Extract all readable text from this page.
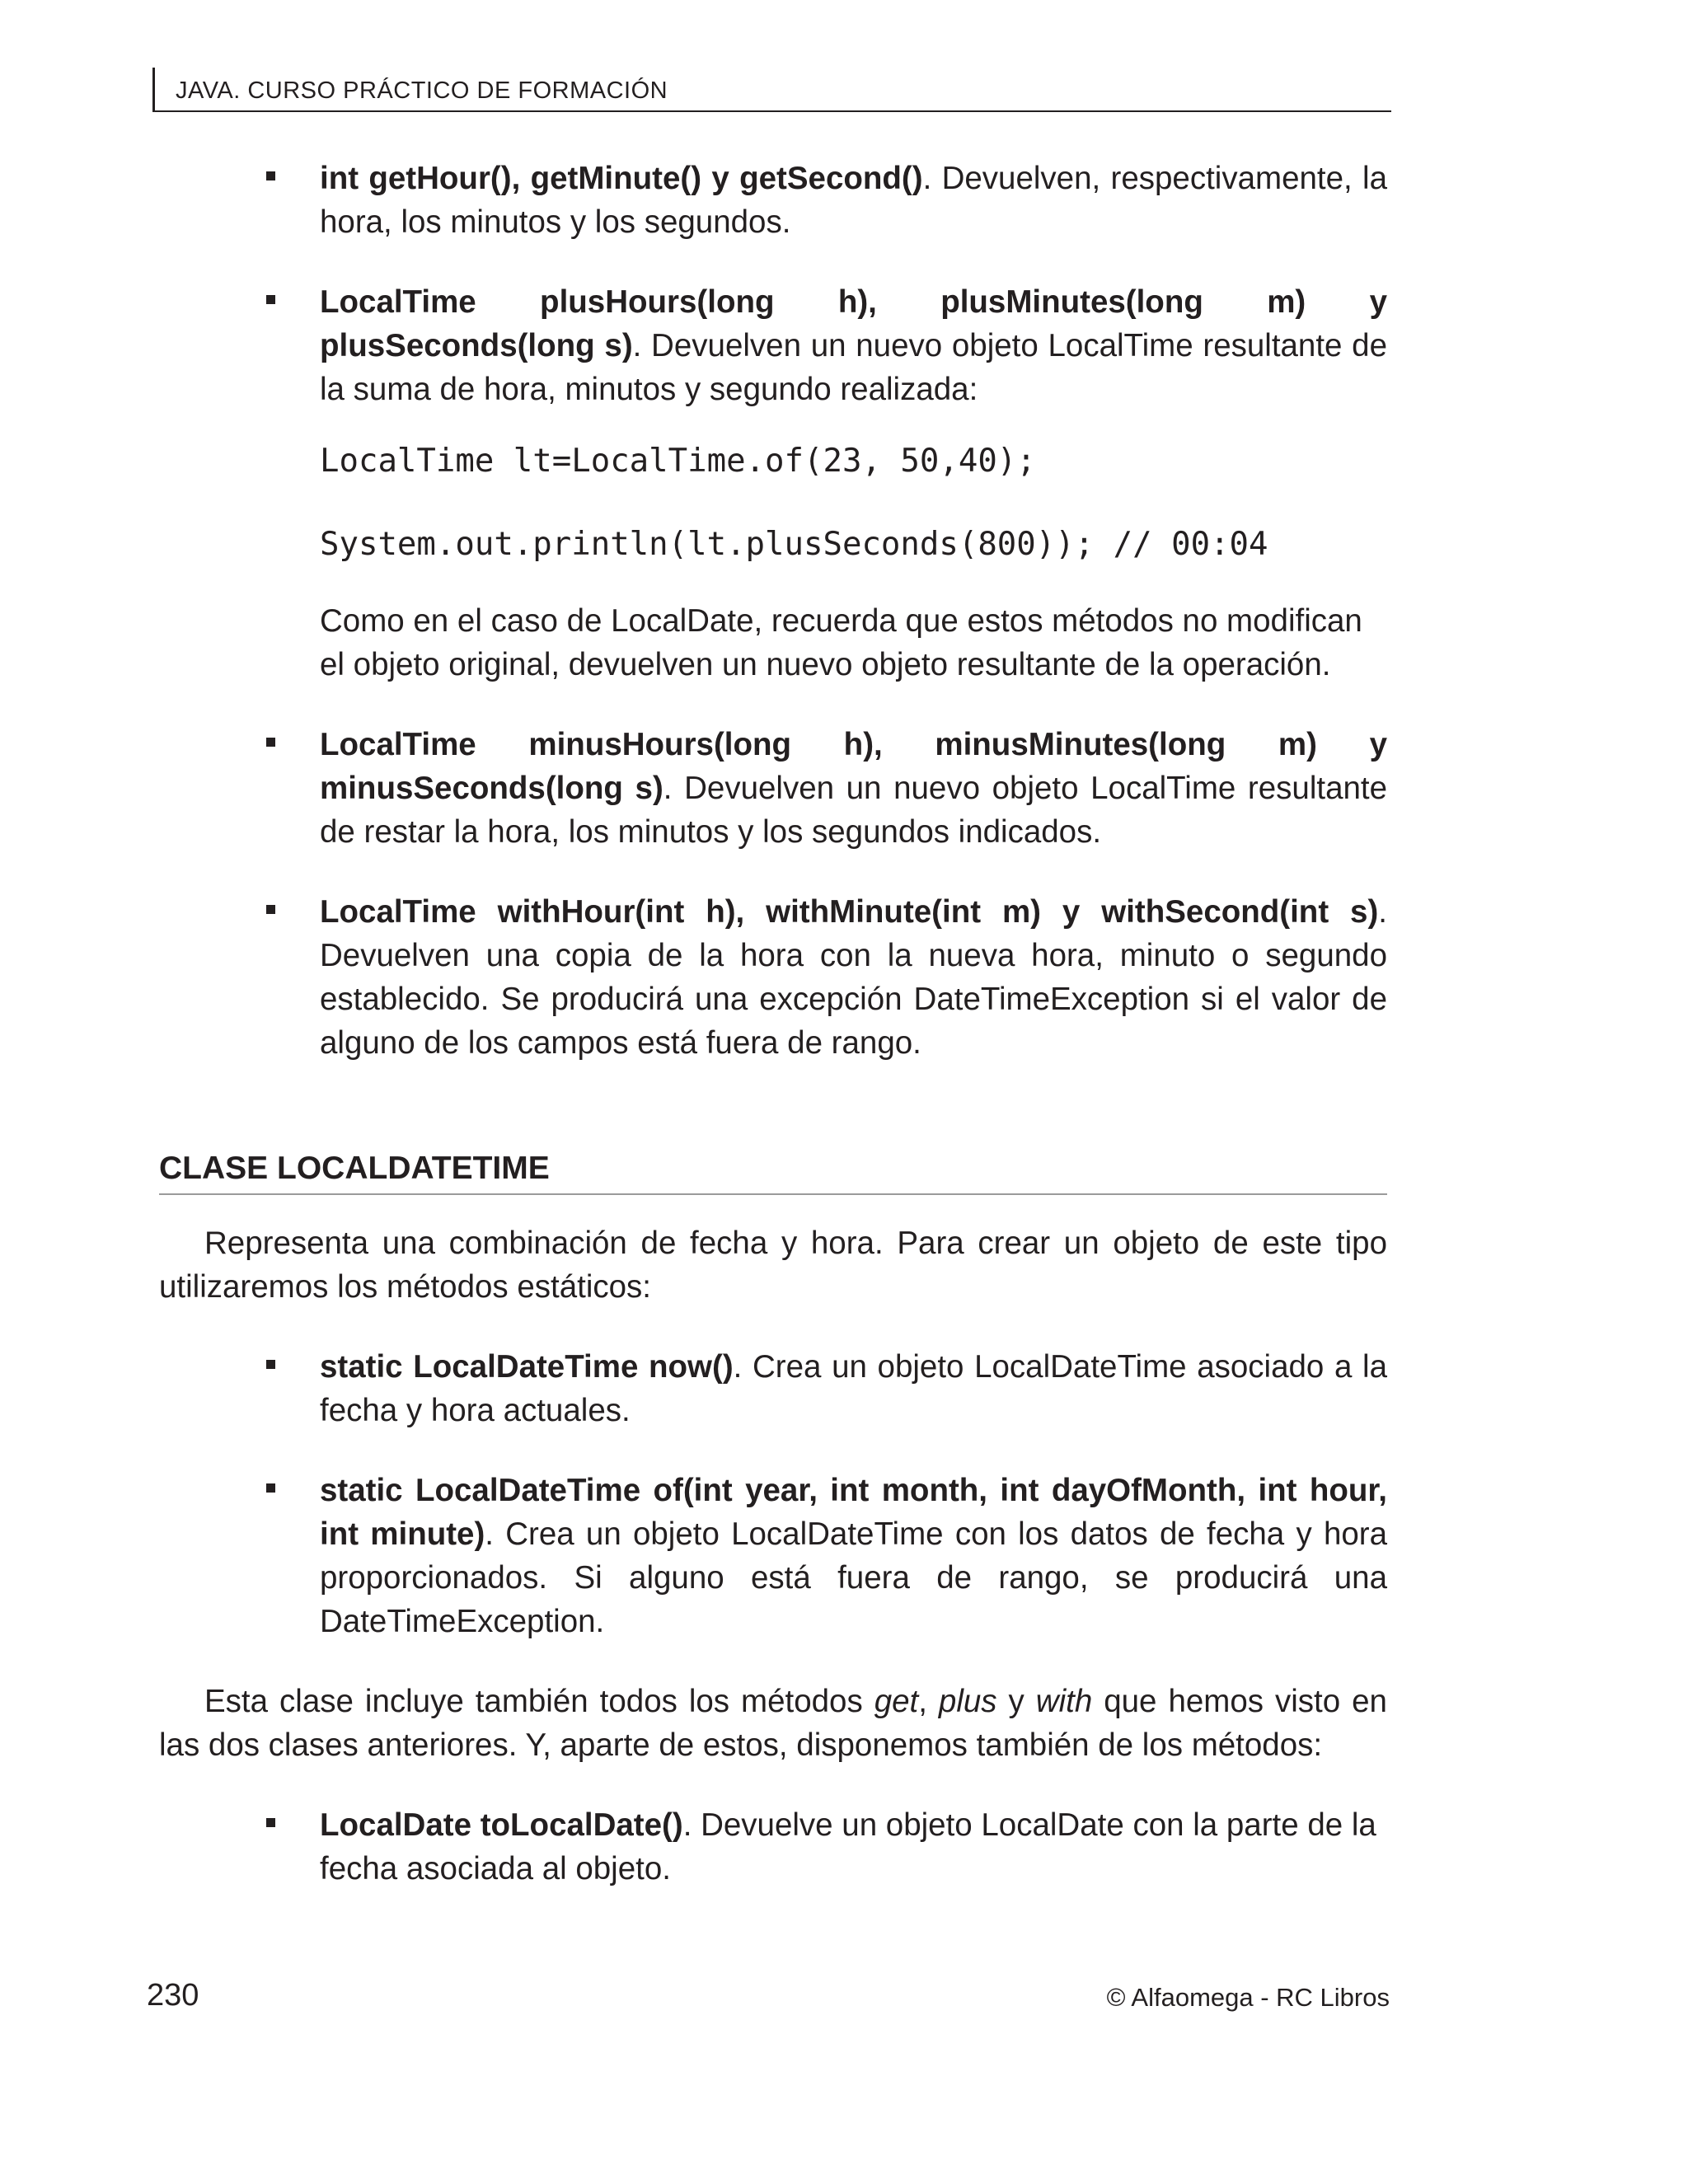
JAVA. CURSO PRÁCTICO DE FORMACIÓN
int getHour(), getMinute() y getSecond(). Devuelven, respectivamente, la hora, los minutos y los segundos.
LocalTime plusHours(long h), plusMinutes(long m) y plusSeconds(long s). Devuelven un nuevo objeto LocalTime resultante de la suma de hora, minutos y segundo realizada:
LocalTime lt=LocalTime.of(23, 50,40);
System.out.println(lt.plusSeconds(800)); // 00:04
Como en el caso de LocalDate, recuerda que estos métodos no modifican el objeto original, devuelven un nuevo objeto resultante de la operación.
LocalTime minusHours(long h), minusMinutes(long m) y
minusSeconds(long s). Devuelven un nuevo objeto LocalTime resultante de restar la hora, los minutos y los segundos indicados.
LocalTime withHour(int h), withMinute(int m) y withSecond(int s). Devuelven una copia de la hora con la nueva hora, minuto o segundo establecido. Se producirá una excepción DateTimeException si el valor de alguno de los campos está fuera de rango.
CLASE LOCALDATETIME

Representa una combinación de fecha y hora. Para crear un objeto de este tipo utilizaremos los métodos estáticos:

static LocalDateTime now(). Crea un objeto LocalDateTime asociado a la fecha y hora actuales.
static LocalDateTime of(int year, int month, int dayOfMonth, int hour, int minute). Crea un objeto LocalDateTime con los datos de fecha y hora proporcionados. Si alguno está fuera de rango, se producirá una DateTimeException.

Esta clase incluye también todos los métodos get, plus y with que hemos visto en las dos clases anteriores. Y, aparte de estos, disponemos también de los métodos:

LocalDate toLocalDate(). Devuelve un objeto LocalDate con la parte de la fecha asociada al objeto.
230	© Alfaomega - RC Libros
